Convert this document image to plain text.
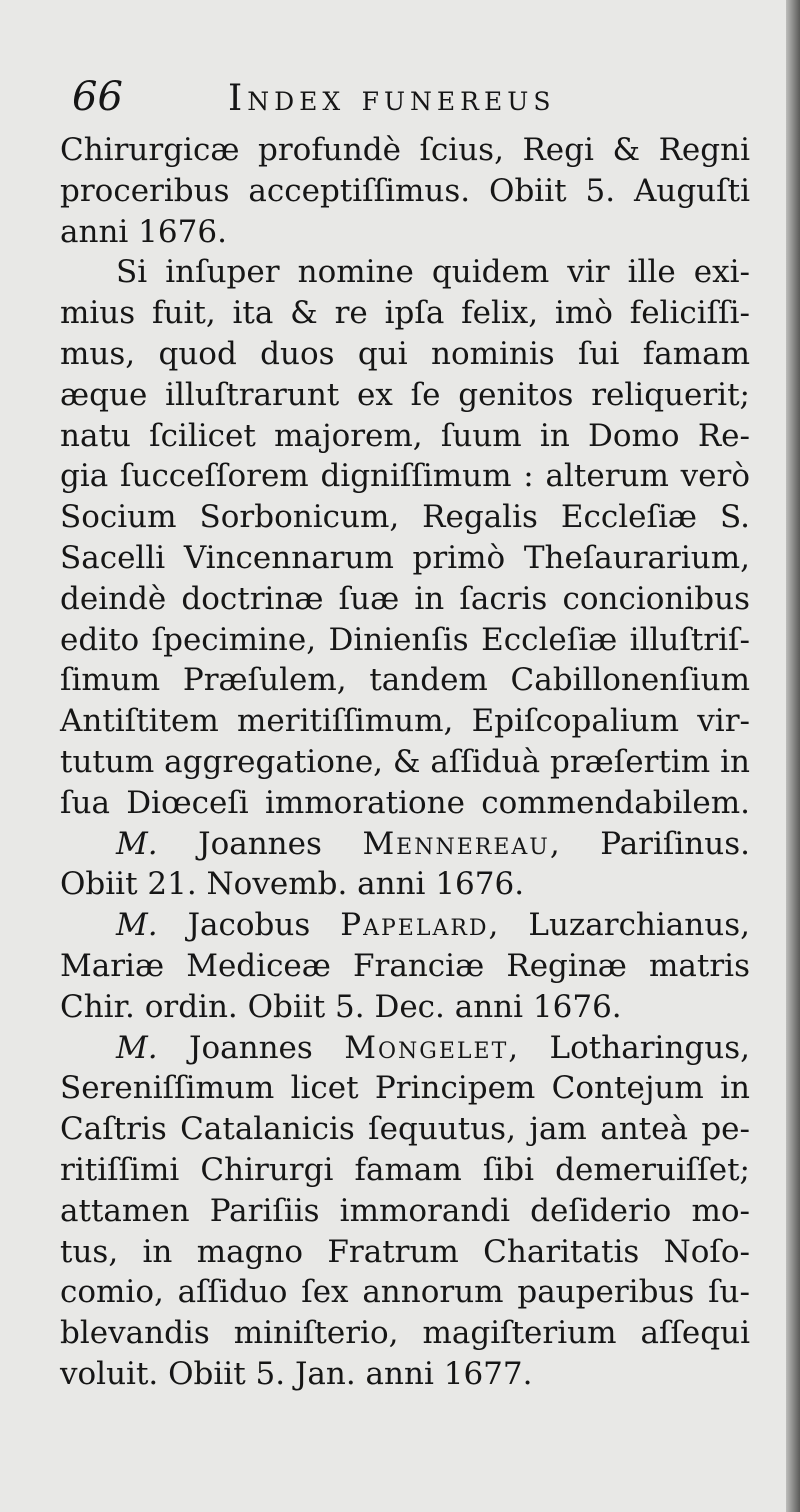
66	Index funereus
Chirurgicæ profundè ſcius, Regi & Regni
proceribus acceptiſſimus. Obiit 5. Auguſti
anni 1676.
Si inſuper nomine quidem vir ille exi-
mius fuit, ita & re ipſa felix, imò feliciſſi-
mus, quod duos qui nominis ſui famam
æque illuſtrarunt ex ſe genitos reliquerit;
natu ſcilicet majorem, ſuum in Domo Re-
gia ſucceſſorem digniſſimum : alterum verò
Socium Sorbonicum, Regalis Eccleſiæ S.
Sacelli Vincennarum primò Theſaurarium,
deindè doctrinæ ſuæ in ſacris concionibus
edito ſpecimine, Dinienſis Eccleſiæ illuſtriſ-
ſimum Præſulem, tandem Cabillonenſium
Antiſtitem meritiſſimum, Epiſcopalium vir-
tutum aggregatione, & aſſiduà præſertim in
ſua Diœceſi immoratione commendabilem.
M. Joannes Mennereau, Pariſinus.
Obiit 21. Novemb. anni 1676.
M. Jacobus Papelard, Luzarchianus,
Mariæ Mediceæ Franciæ Reginæ matris
Chir. ordin. Obiit 5. Dec. anni 1676.
M. Joannes Mongelet, Lotharingus,
Sereniſſimum licet Principem Contejum in
Caſtris Catalanicis ſequutus, jam anteà pe-
ritiſſimi Chirurgi famam ſibi demeruiſſet;
attamen Pariſiis immorandi deſiderio mo-
tus, in magno Fratrum Charitatis Noſo-
comio, aſſiduo ſex annorum pauperibus ſu-
blevandis miniſterio, magiſterium aſſequi
voluit. Obiit 5. Jan. anni 1677.
